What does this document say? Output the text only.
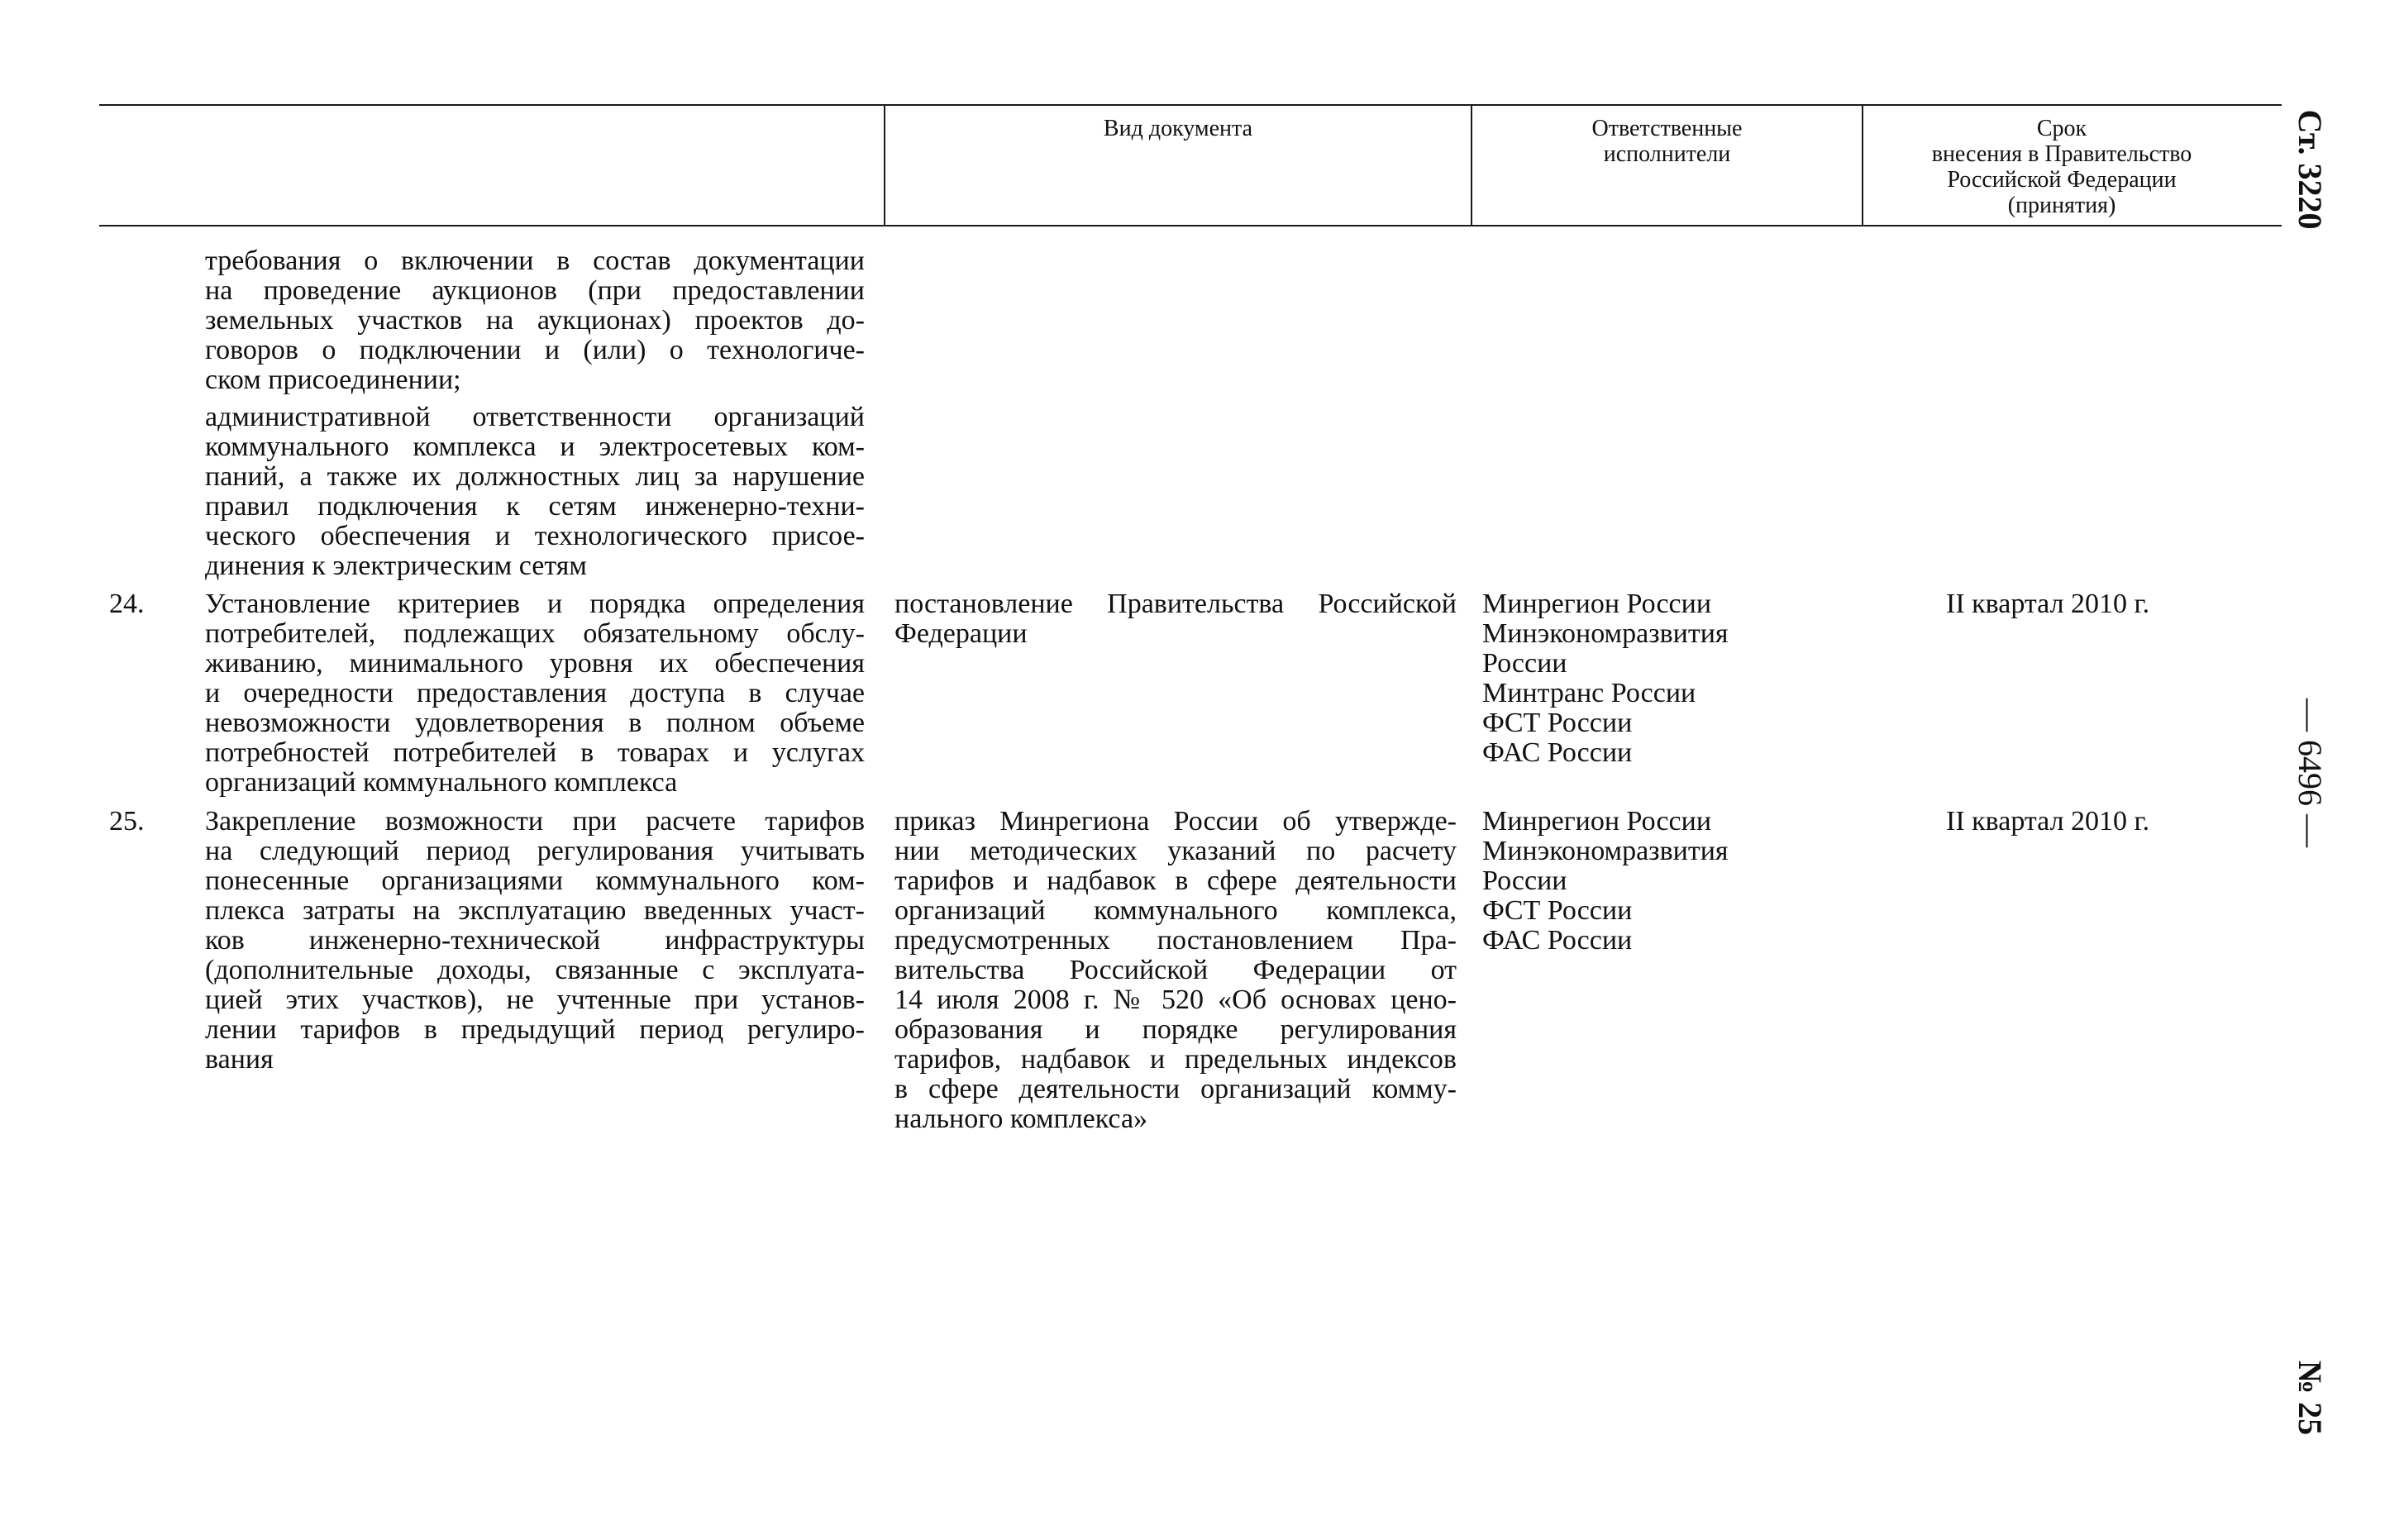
Вид документа	Ответственные
исполнители
Срок
внесения в Правительство
Российской Федерации
(принятия)
требования о включении в состав документации
на проведение аукционов (при предоставлении
земельных участков на аукционах) проектов до-
говоров о подключении и (или) о технологиче-
ском присоединении;
административной ответственности организаций
коммунального комплекса и электросетевых ком-
паний, а также их должностных лиц за нарушение
правил подключения к сетям инженерно-техни-
ческого обеспечения и технологического присое-
динения к электрическим сетям
24. Установление критериев и порядка определения
потребителей, подлежащих обязательному обслу-
живанию, минимального уровня их обеспечения
и очередности предоставления доступа в случае
невозможности удовлетворения в полном объеме
потребностей потребителей в товарах и услугах
организаций коммунального комплекса
постановление Правительства Российской
Федерации
Минрегион России
Минэкономразвития
России
Минтранс России
ФСТ России
ФАС России
II квартал 2010 г.
25. Закрепление возможности при расчете тарифов
на следующий период регулирования учитывать
понесенные организациями коммунального ком-
плекса затраты на эксплуатацию введенных участ-
ков инженерно-технической инфраструктуры
(дополнительные доходы, связанные с эксплуата-
цией этих участков), не учтенные при установ-
лении тарифов в предыдущий период регулиро-
вания
приказ Минрегиона России об утвержде-
нии методических указаний по расчету
тарифов и надбавок в сфере деятельности
организаций коммунального комплекса,
предусмотренных постановлением Пра-
вительства Российской Федерации от
14 июля 2008 г. № 520 «Об основах цено-
образования и порядке регулирования
тарифов, надбавок и предельных индексов
в сфере деятельности организаций комму-
нального комплекса»
Минрегион России
Минэкономразвития
России
ФСТ России
ФАС России
II квартал 2010 г.
Ст. 3220
— 6496 —
№ 25
